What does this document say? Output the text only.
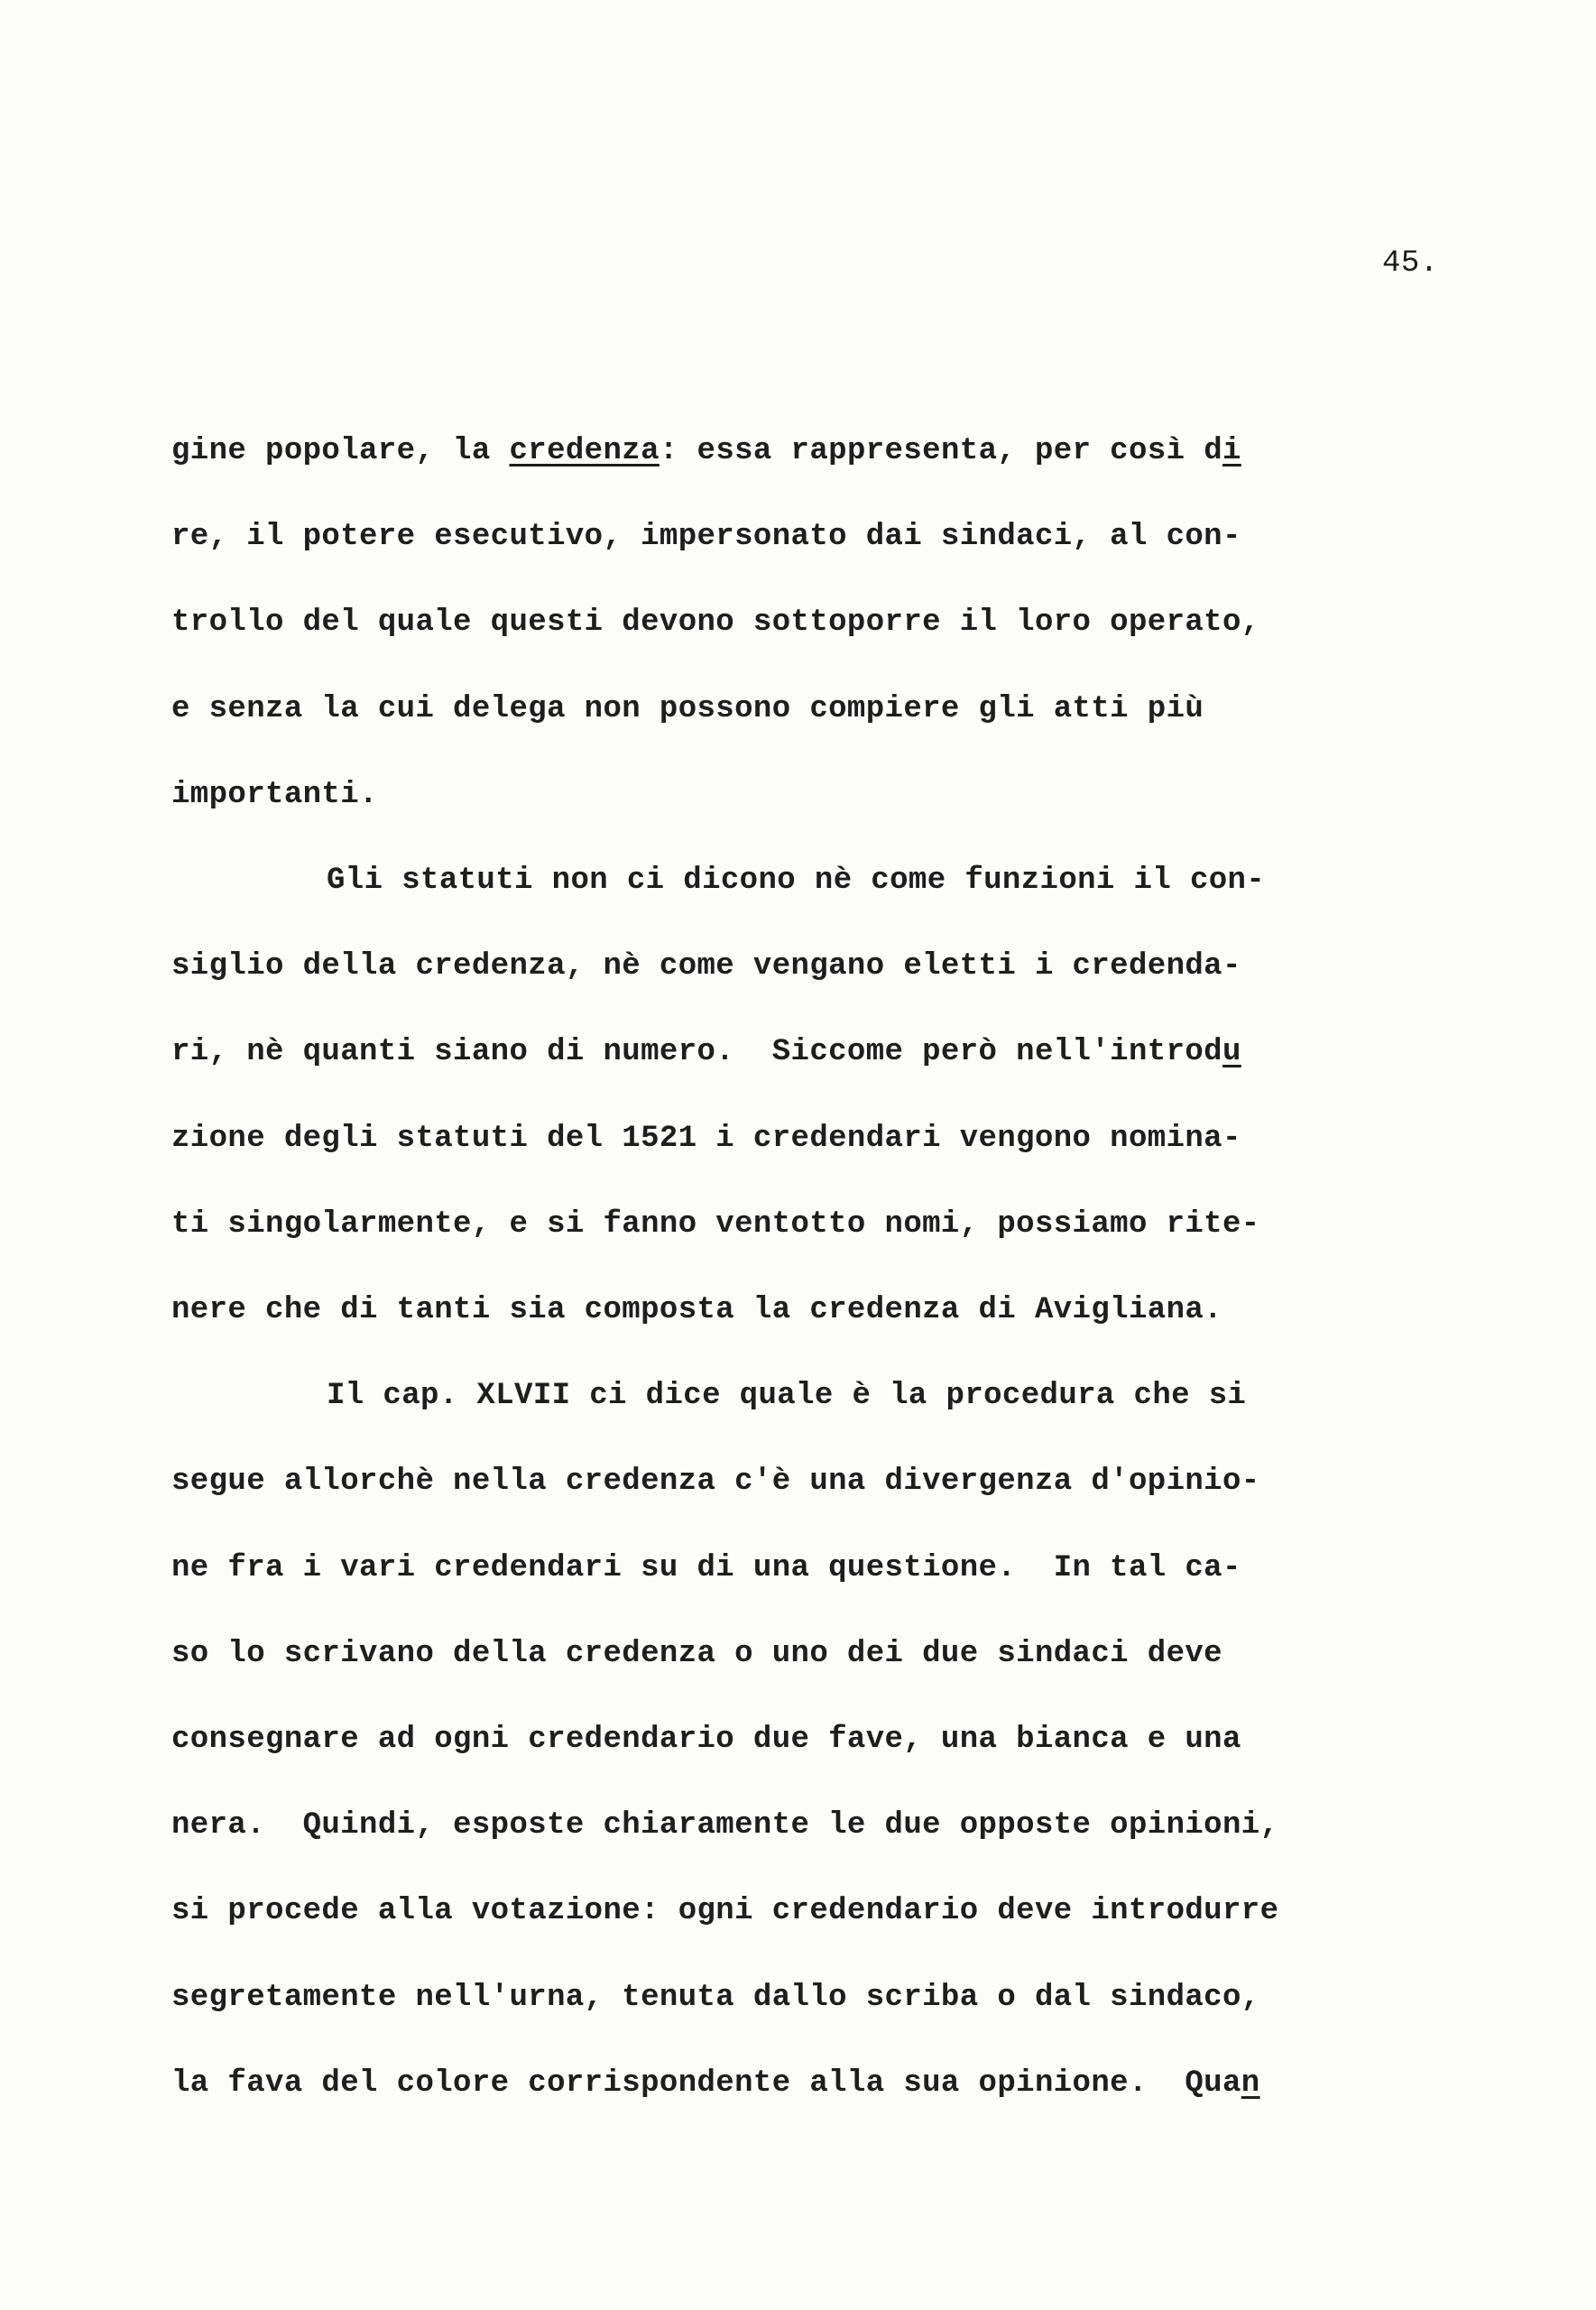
45.
gine popolare, la credenza: essa rappresenta, per così di
re, il potere esecutivo, impersonato dai sindaci, al con-
trollo del quale questi devono sottoporre il loro operato,
e senza la cui delega non possono compiere gli atti più
importanti.
Gli statuti non ci dicono nè come funzioni il con-
siglio della credenza, nè come vengano eletti i credenda-
ri, nè quanti siano di numero.  Siccome però nell'introdu
zione degli statuti del 1521 i credendari vengono nomina-
ti singolarmente, e si fanno ventotto nomi, possiamo rite-
nere che di tanti sia composta la credenza di Avigliana.
Il cap. XLVII ci dice quale è la procedura che si
segue allorchè nella credenza c'è una divergenza d'opinio-
ne fra i vari credendari su di una questione.  In tal ca-
so lo scrivano della credenza o uno dei due sindaci deve
consegnare ad ogni credendario due fave, una bianca e una
nera.  Quindi, esposte chiaramente le due opposte opinioni,
si procede alla votazione: ogni credendario deve introdurre
segretamente nell'urna, tenuta dallo scriba o dal sindaco,
la fava del colore corrispondente alla sua opinione.  Quan
